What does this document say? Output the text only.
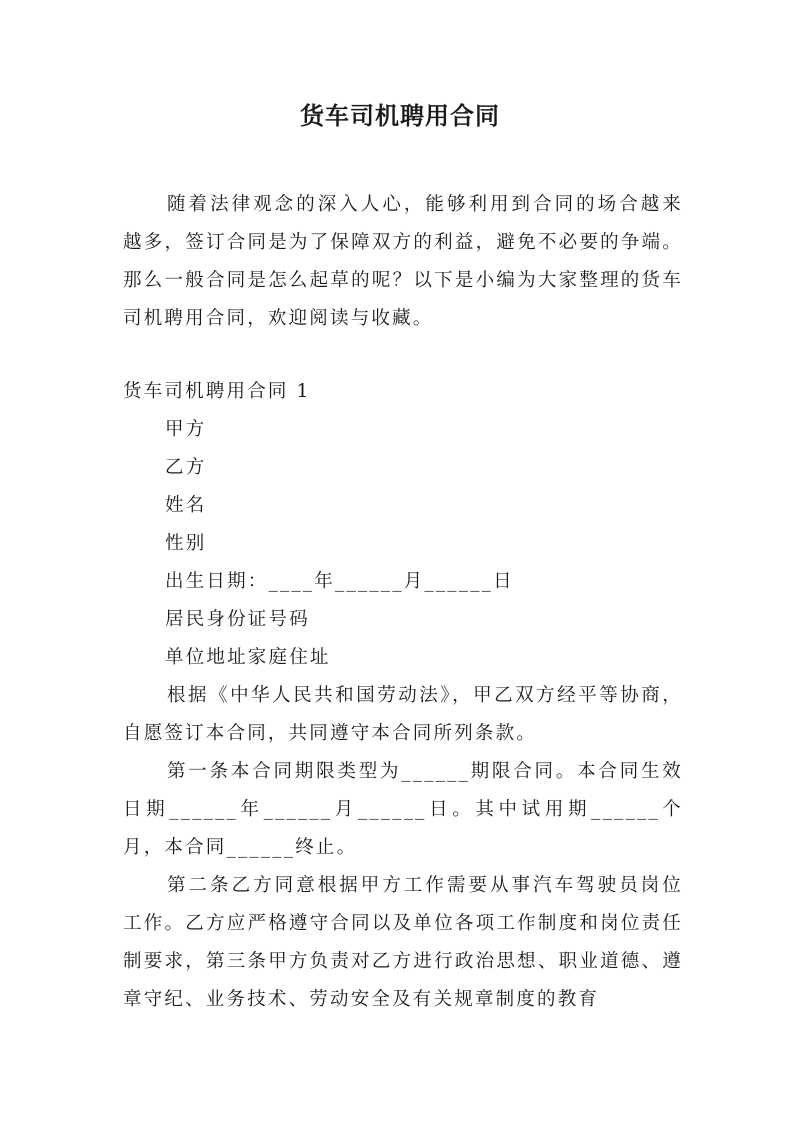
货车司机聘用合同

随着法律观念的深入人心，能够利用到合同的场合越来越多，签订合同是为了保障双方的利益，避免不必要的争端。那么一般合同是怎么起草的呢？以下是小编为大家整理的货车司机聘用合同，欢迎阅读与收藏。

货车司机聘用合同 1
甲方
乙方
姓名
性别
出生日期：____年______月______日
居民身份证号码
单位地址家庭住址

根据《中华人民共和国劳动法》，甲乙双方经平等协商，自愿签订本合同，共同遵守本合同所列条款。

第一条本合同期限类型为______期限合同。本合同生效日期______年______月______日。其中试用期______个月，本合同______终止。

第二条乙方同意根据甲方工作需要从事汽车驾驶员岗位工作。乙方应严格遵守合同以及单位各项工作制度和岗位责任制要求，第三条甲方负责对乙方进行政治思想、职业道德、遵章守纪、业务技术、劳动安全及有关规章制度的教育
